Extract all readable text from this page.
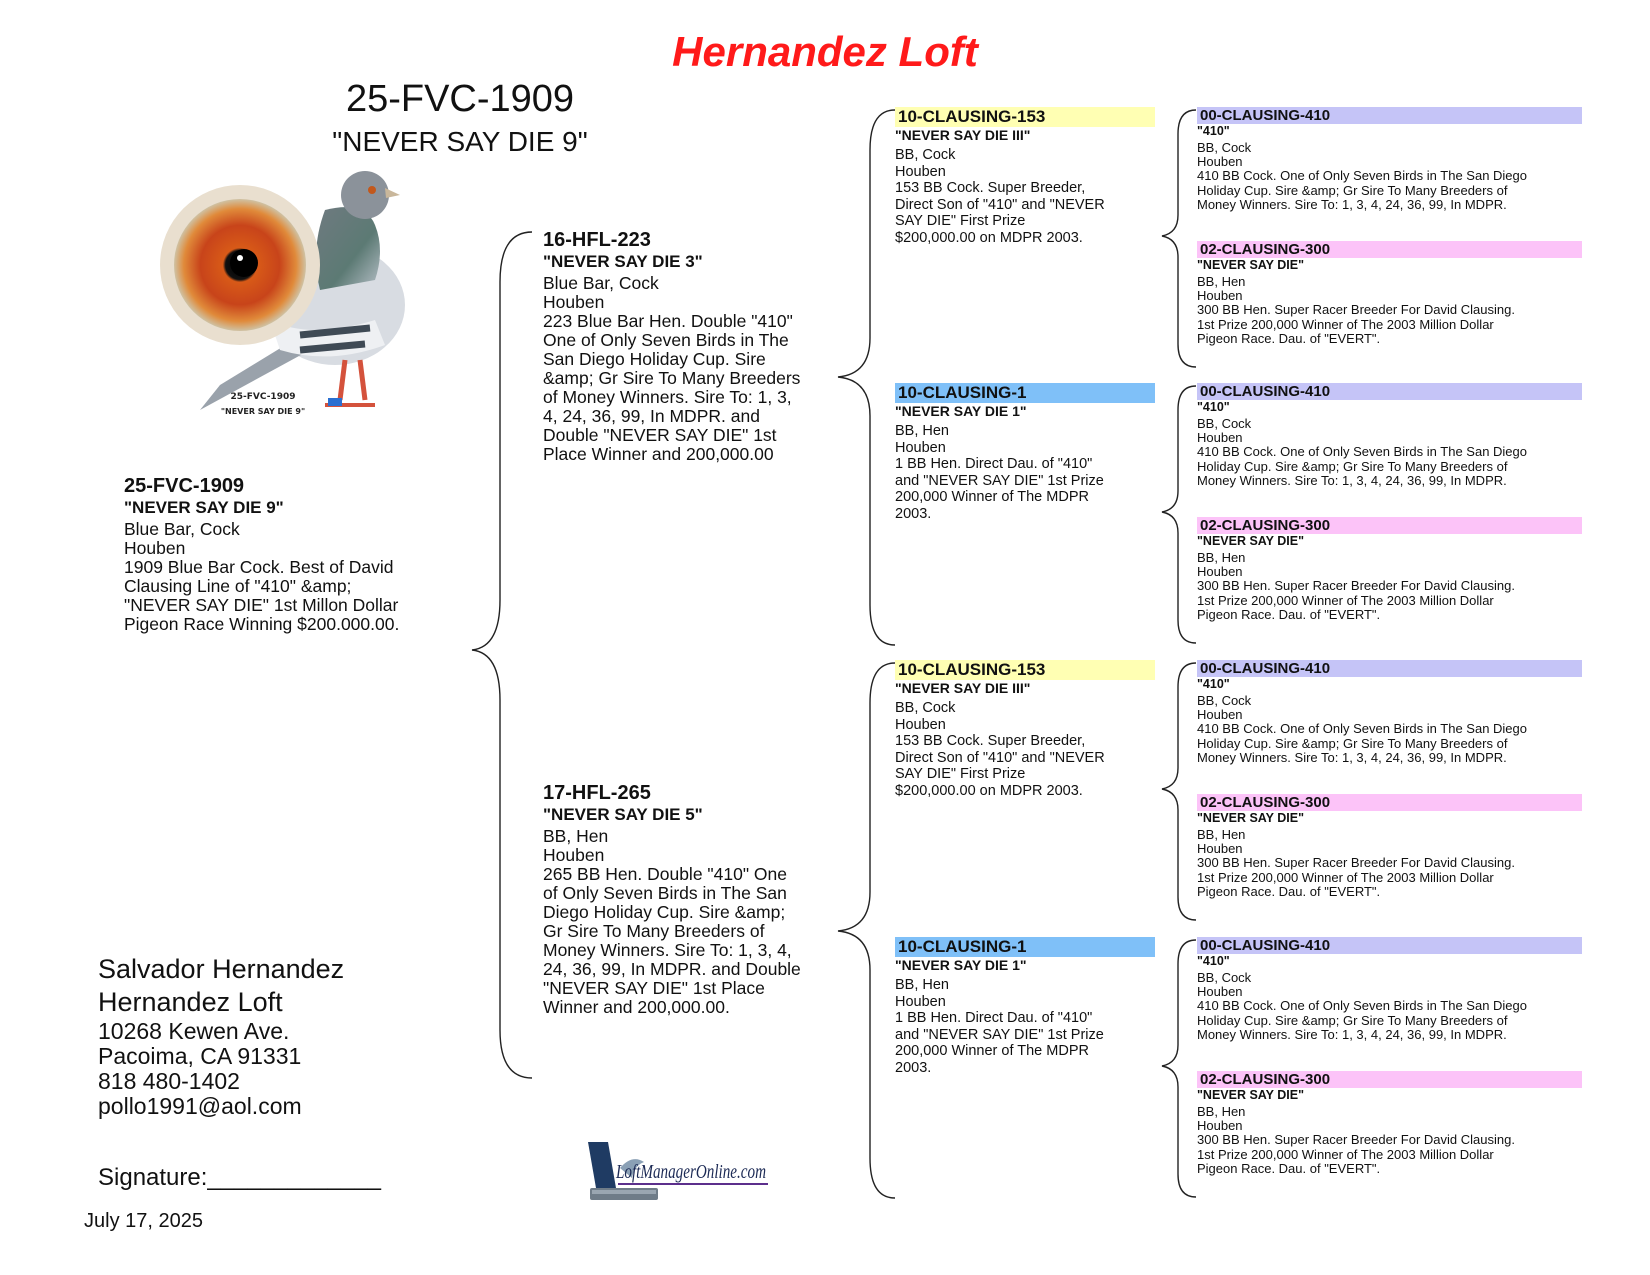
Hernandez Loft
25-FVC-1909
"NEVER SAY DIE 9"
25-FVC-1909
"NEVER SAY DIE 9"
25-FVC-1909
"NEVER SAY DIE 9"
Blue Bar, Cock
Houben
1909 Blue Bar Cock. Best of David
Clausing Line of "410" &amp;
"NEVER SAY DIE" 1st Millon Dollar
Pigeon Race Winning $200.000.00.
16-HFL-223
"NEVER SAY DIE 3"
Blue Bar, Cock
Houben
223 Blue Bar Hen. Double "410"
One of Only Seven Birds in The
San Diego Holiday Cup. Sire
&amp; Gr Sire To Many Breeders
of Money Winners. Sire To: 1, 3,
4, 24, 36, 99, In MDPR. and
Double "NEVER SAY DIE" 1st
Place Winner and 200,000.00
17-HFL-265
"NEVER SAY DIE 5"
BB, Hen
Houben
265 BB Hen. Double "410" One
of Only Seven Birds in The San
Diego Holiday Cup. Sire &amp;
Gr Sire To Many Breeders of
Money Winners. Sire To: 1, 3, 4,
24, 36, 99, In MDPR. and Double
"NEVER SAY DIE" 1st Place
Winner and 200,000.00.
10-CLAUSING-153
"NEVER SAY DIE III"
BB, Cock
Houben
153 BB Cock. Super Breeder,
Direct Son of "410" and "NEVER
SAY DIE" First Prize
$200,000.00 on MDPR 2003.
10-CLAUSING-1
"NEVER SAY DIE 1"
BB, Hen
Houben
1 BB Hen. Direct Dau. of "410"
and "NEVER SAY DIE" 1st Prize
200,000 Winner of The MDPR
2003.
10-CLAUSING-153
"NEVER SAY DIE III"
BB, Cock
Houben
153 BB Cock. Super Breeder,
Direct Son of "410" and "NEVER
SAY DIE" First Prize
$200,000.00 on MDPR 2003.
10-CLAUSING-1
"NEVER SAY DIE 1"
BB, Hen
Houben
1 BB Hen. Direct Dau. of "410"
and "NEVER SAY DIE" 1st Prize
200,000 Winner of The MDPR
2003.
00-CLAUSING-410
"410"
BB, Cock
Houben
410 BB Cock. One of Only Seven Birds in The San Diego
Holiday Cup. Sire &amp; Gr Sire To Many Breeders of
Money Winners. Sire To: 1, 3, 4, 24, 36, 99, In MDPR.
02-CLAUSING-300
"NEVER SAY DIE"
BB, Hen
Houben
300 BB Hen. Super Racer Breeder For David Clausing.
1st Prize 200,000 Winner of The 2003 Million Dollar
Pigeon Race. Dau. of "EVERT".
00-CLAUSING-410
"410"
BB, Cock
Houben
410 BB Cock. One of Only Seven Birds in The San Diego
Holiday Cup. Sire &amp; Gr Sire To Many Breeders of
Money Winners. Sire To: 1, 3, 4, 24, 36, 99, In MDPR.
02-CLAUSING-300
"NEVER SAY DIE"
BB, Hen
Houben
300 BB Hen. Super Racer Breeder For David Clausing.
1st Prize 200,000 Winner of The 2003 Million Dollar
Pigeon Race. Dau. of "EVERT".
00-CLAUSING-410
"410"
BB, Cock
Houben
410 BB Cock. One of Only Seven Birds in The San Diego
Holiday Cup. Sire &amp; Gr Sire To Many Breeders of
Money Winners. Sire To: 1, 3, 4, 24, 36, 99, In MDPR.
02-CLAUSING-300
"NEVER SAY DIE"
BB, Hen
Houben
300 BB Hen. Super Racer Breeder For David Clausing.
1st Prize 200,000 Winner of The 2003 Million Dollar
Pigeon Race. Dau. of "EVERT".
00-CLAUSING-410
"410"
BB, Cock
Houben
410 BB Cock. One of Only Seven Birds in The San Diego
Holiday Cup. Sire &amp; Gr Sire To Many Breeders of
Money Winners. Sire To: 1, 3, 4, 24, 36, 99, In MDPR.
02-CLAUSING-300
"NEVER SAY DIE"
BB, Hen
Houben
300 BB Hen. Super Racer Breeder For David Clausing.
1st Prize 200,000 Winner of The 2003 Million Dollar
Pigeon Race. Dau. of "EVERT".
Salvador Hernandez
Hernandez Loft
10268 Kewen Ave.
Pacoima, CA 91331
818 480-1402
pollo1991@aol.com
Signature:_____________
July 17, 2025
LoftManagerOnline.com
